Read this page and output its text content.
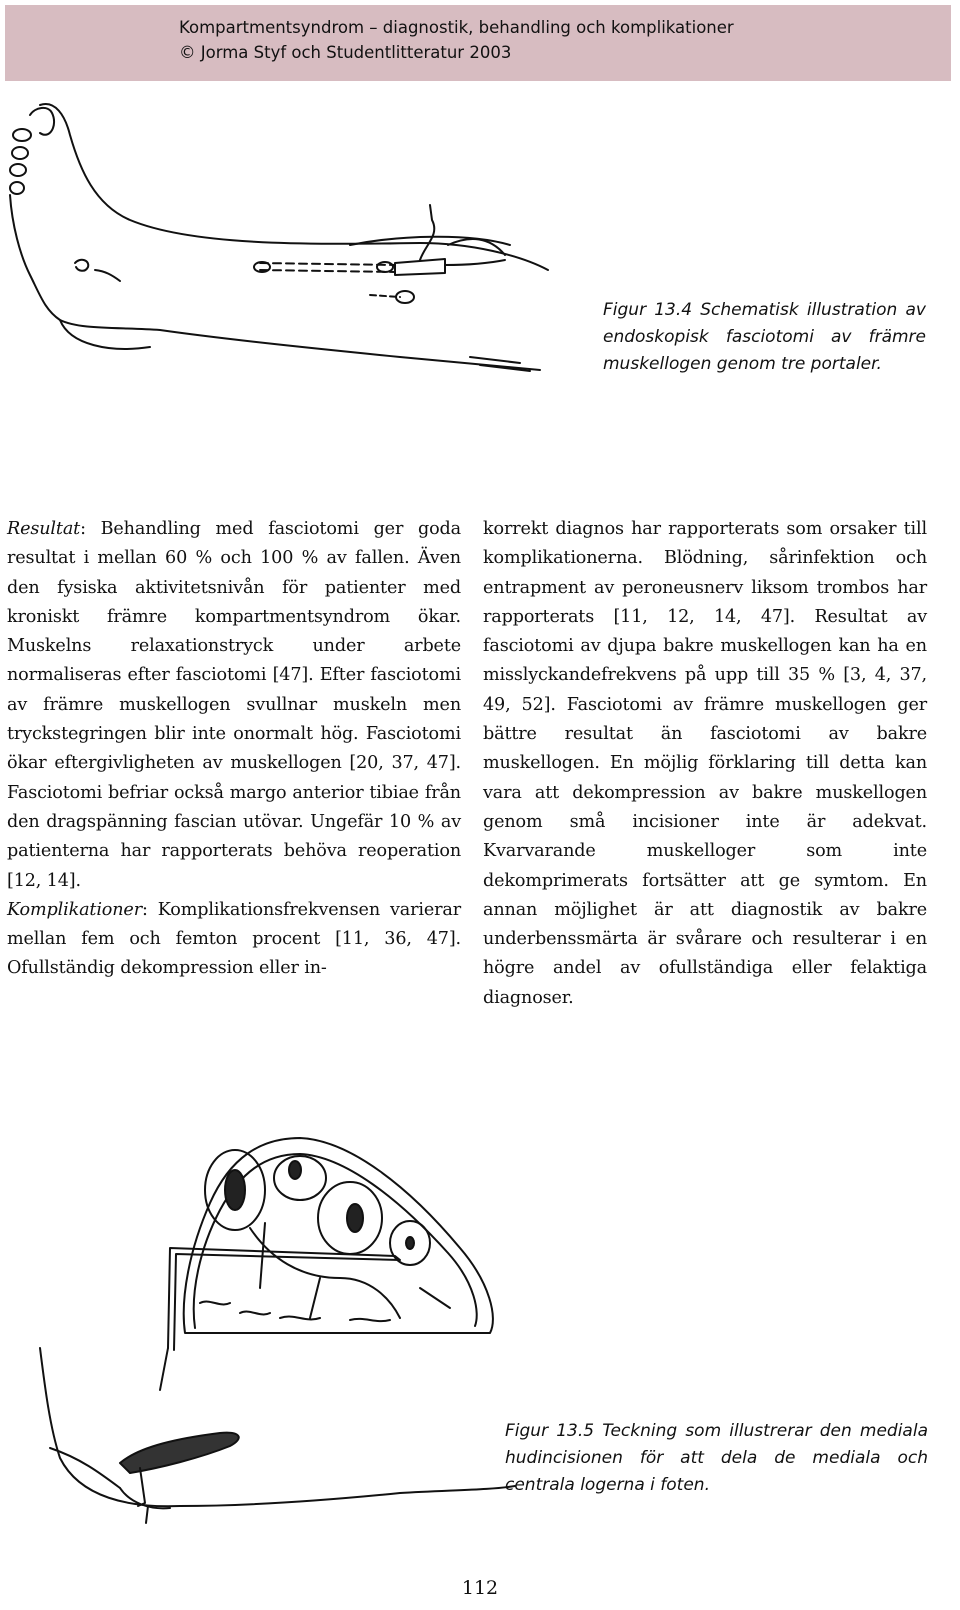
Kompartmentsyndrom – diagnostik, behandling och komplikationer
© Jorma Styf och Studentlitteratur 2003
Figur 13.4 Schematisk illustration av endoskopisk fasciotomi av främre muskellogen genom tre portaler.

Resultat: Behandling med fasciotomi ger goda resultat i mellan 60 % och 100 % av fallen. Även den fysiska aktivitetsnivån för patienter med kroniskt främre kompartmentsyndrom ökar. Muskelns relaxationstryck under arbete normaliseras efter fasciotomi [47]. Efter fasciotomi av främre muskellogen svullnar muskeln men tryckstegringen blir inte onormalt hög. Fasciotomi ökar eftergivligheten av muskellogen [20, 37, 47]. Fasciotomi befriar också margo anterior tibiae från den dragspänning fascian utövar. Ungefär 10 % av patienterna har rapporterats behöva reoperation [12, 14].

Komplikationer: Komplikationsfrekvensen varierar mellan fem och femton procent [11, 36, 47]. Ofullständig dekompression eller in-

korrekt diagnos har rapporterats som orsaker till komplikationerna. Blödning, sårinfektion och entrapment av peroneusnerv liksom trombos har rapporterats [11, 12, 14, 47]. Resultat av fasciotomi av djupa bakre muskellogen kan ha en misslyckandefrekvens på upp till 35 % [3, 4, 37, 49, 52]. Fasciotomi av främre muskellogen ger bättre resultat än fasciotomi av bakre muskellogen. En möjlig förklaring till detta kan vara att dekompression av bakre muskellogen genom små incisioner inte är adekvat. Kvarvarande muskelloger som inte dekomprimerats fortsätter att ge symtom. En annan möjlighet är att diagnostik av bakre underbenssmärta är svårare och resulterar i en högre andel av ofullständiga eller felaktiga diagnoser.

Figur 13.5 Teckning som illustrerar den mediala hudincisionen för att dela de mediala och centrala logerna i foten.
112
